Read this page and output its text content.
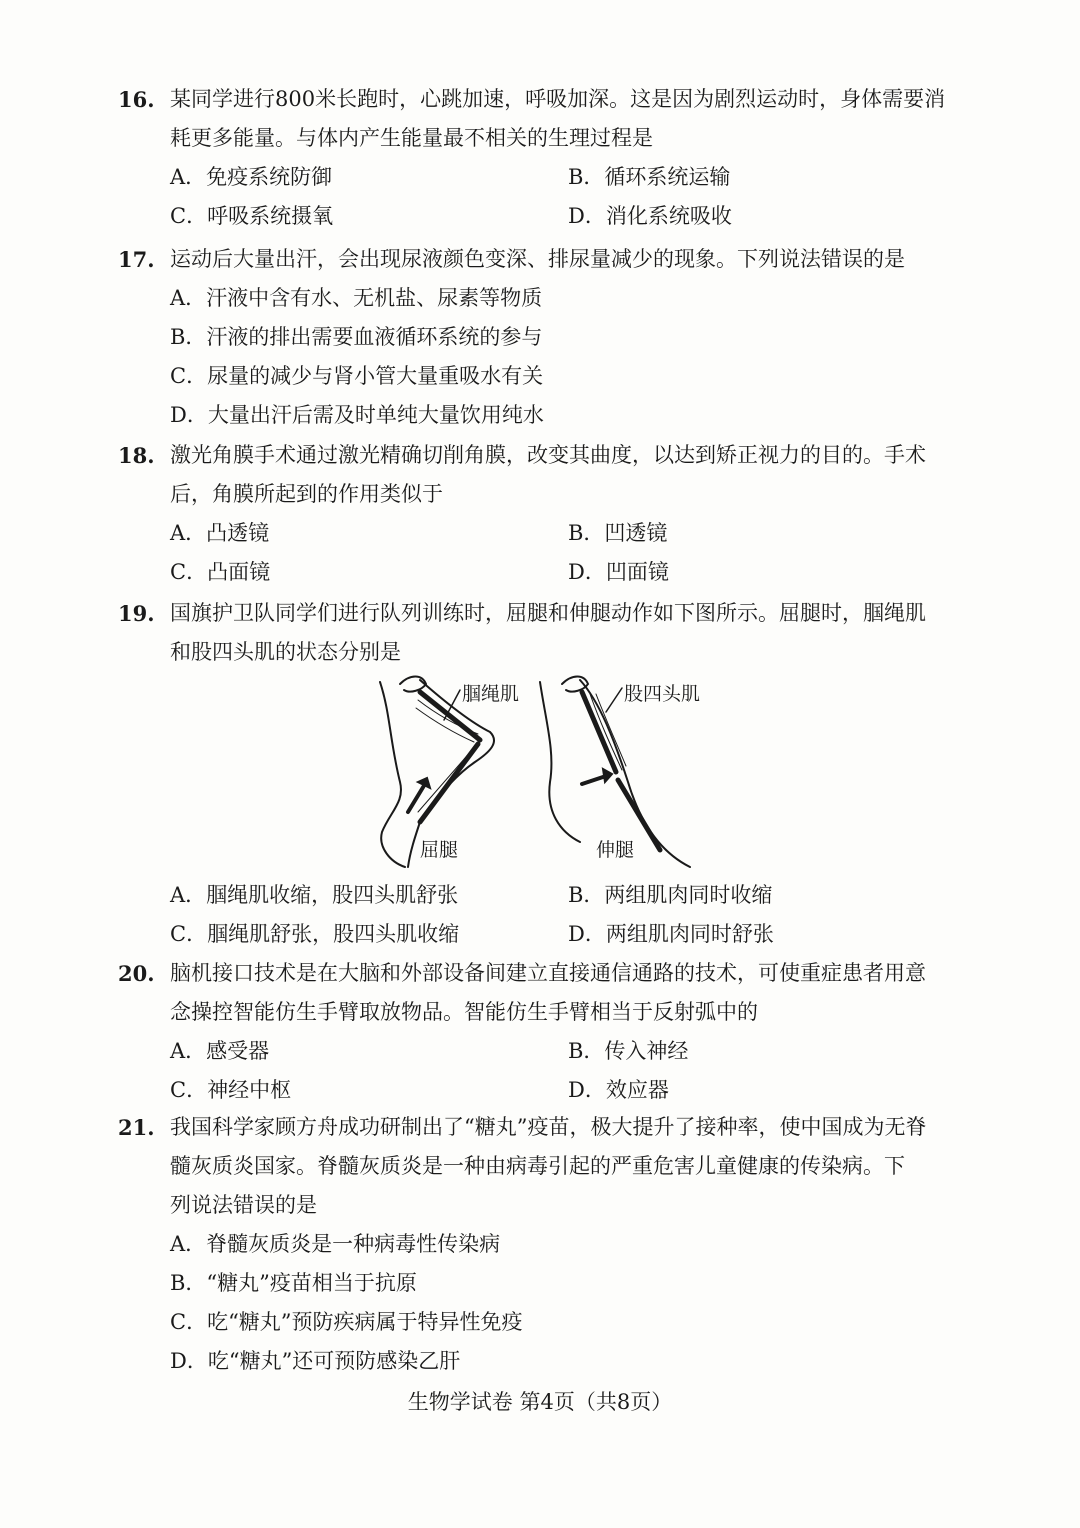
16. 某同学进行800米长跑时，心跳加速，呼吸加深。这是因为剧烈运动时，身体需要消
耗更多能量。与体内产生能量最不相关的生理过程是
A．免疫系统防御	B．循环系统运输
C．呼吸系统摄氧	D．消化系统吸收
17. 运动后大量出汗，会出现尿液颜色变深、排尿量减少的现象。下列说法错误的是
A．汗液中含有水、无机盐、尿素等物质
B．汗液的排出需要血液循环系统的参与
C．尿量的减少与肾小管大量重吸水有关
D．大量出汗后需及时单纯大量饮用纯水
18. 激光角膜手术通过激光精确切削角膜，改变其曲度，以达到矫正视力的目的。手术
后，角膜所起到的作用类似于
A．凸透镜	B．凹透镜
C．凸面镜	D．凹面镜
19. 国旗护卫队同学们进行队列训练时，屈腿和伸腿动作如下图所示。屈腿时，腘绳肌
和股四头肌的状态分别是
腘绳肌	股四头肌
屈腿	伸腿
A．腘绳肌收缩，股四头肌舒张	B．两组肌肉同时收缩
C．腘绳肌舒张，股四头肌收缩	D．两组肌肉同时舒张
20. 脑机接口技术是在大脑和外部设备间建立直接通信通路的技术，可使重症患者用意
念操控智能仿生手臂取放物品。智能仿生手臂相当于反射弧中的
A．感受器	B．传入神经
C．神经中枢	D．效应器
21. 我国科学家顾方舟成功研制出了“糖丸”疫苗，极大提升了接种率，使中国成为无脊
髓灰质炎国家。脊髓灰质炎是一种由病毒引起的严重危害儿童健康的传染病。下
列说法错误的是
A．脊髓灰质炎是一种病毒性传染病
B．“糖丸”疫苗相当于抗原
C．吃“糖丸”预防疾病属于特异性免疫
D．吃“糖丸”还可预防感染乙肝
生物学试卷 第4页（共8页）
